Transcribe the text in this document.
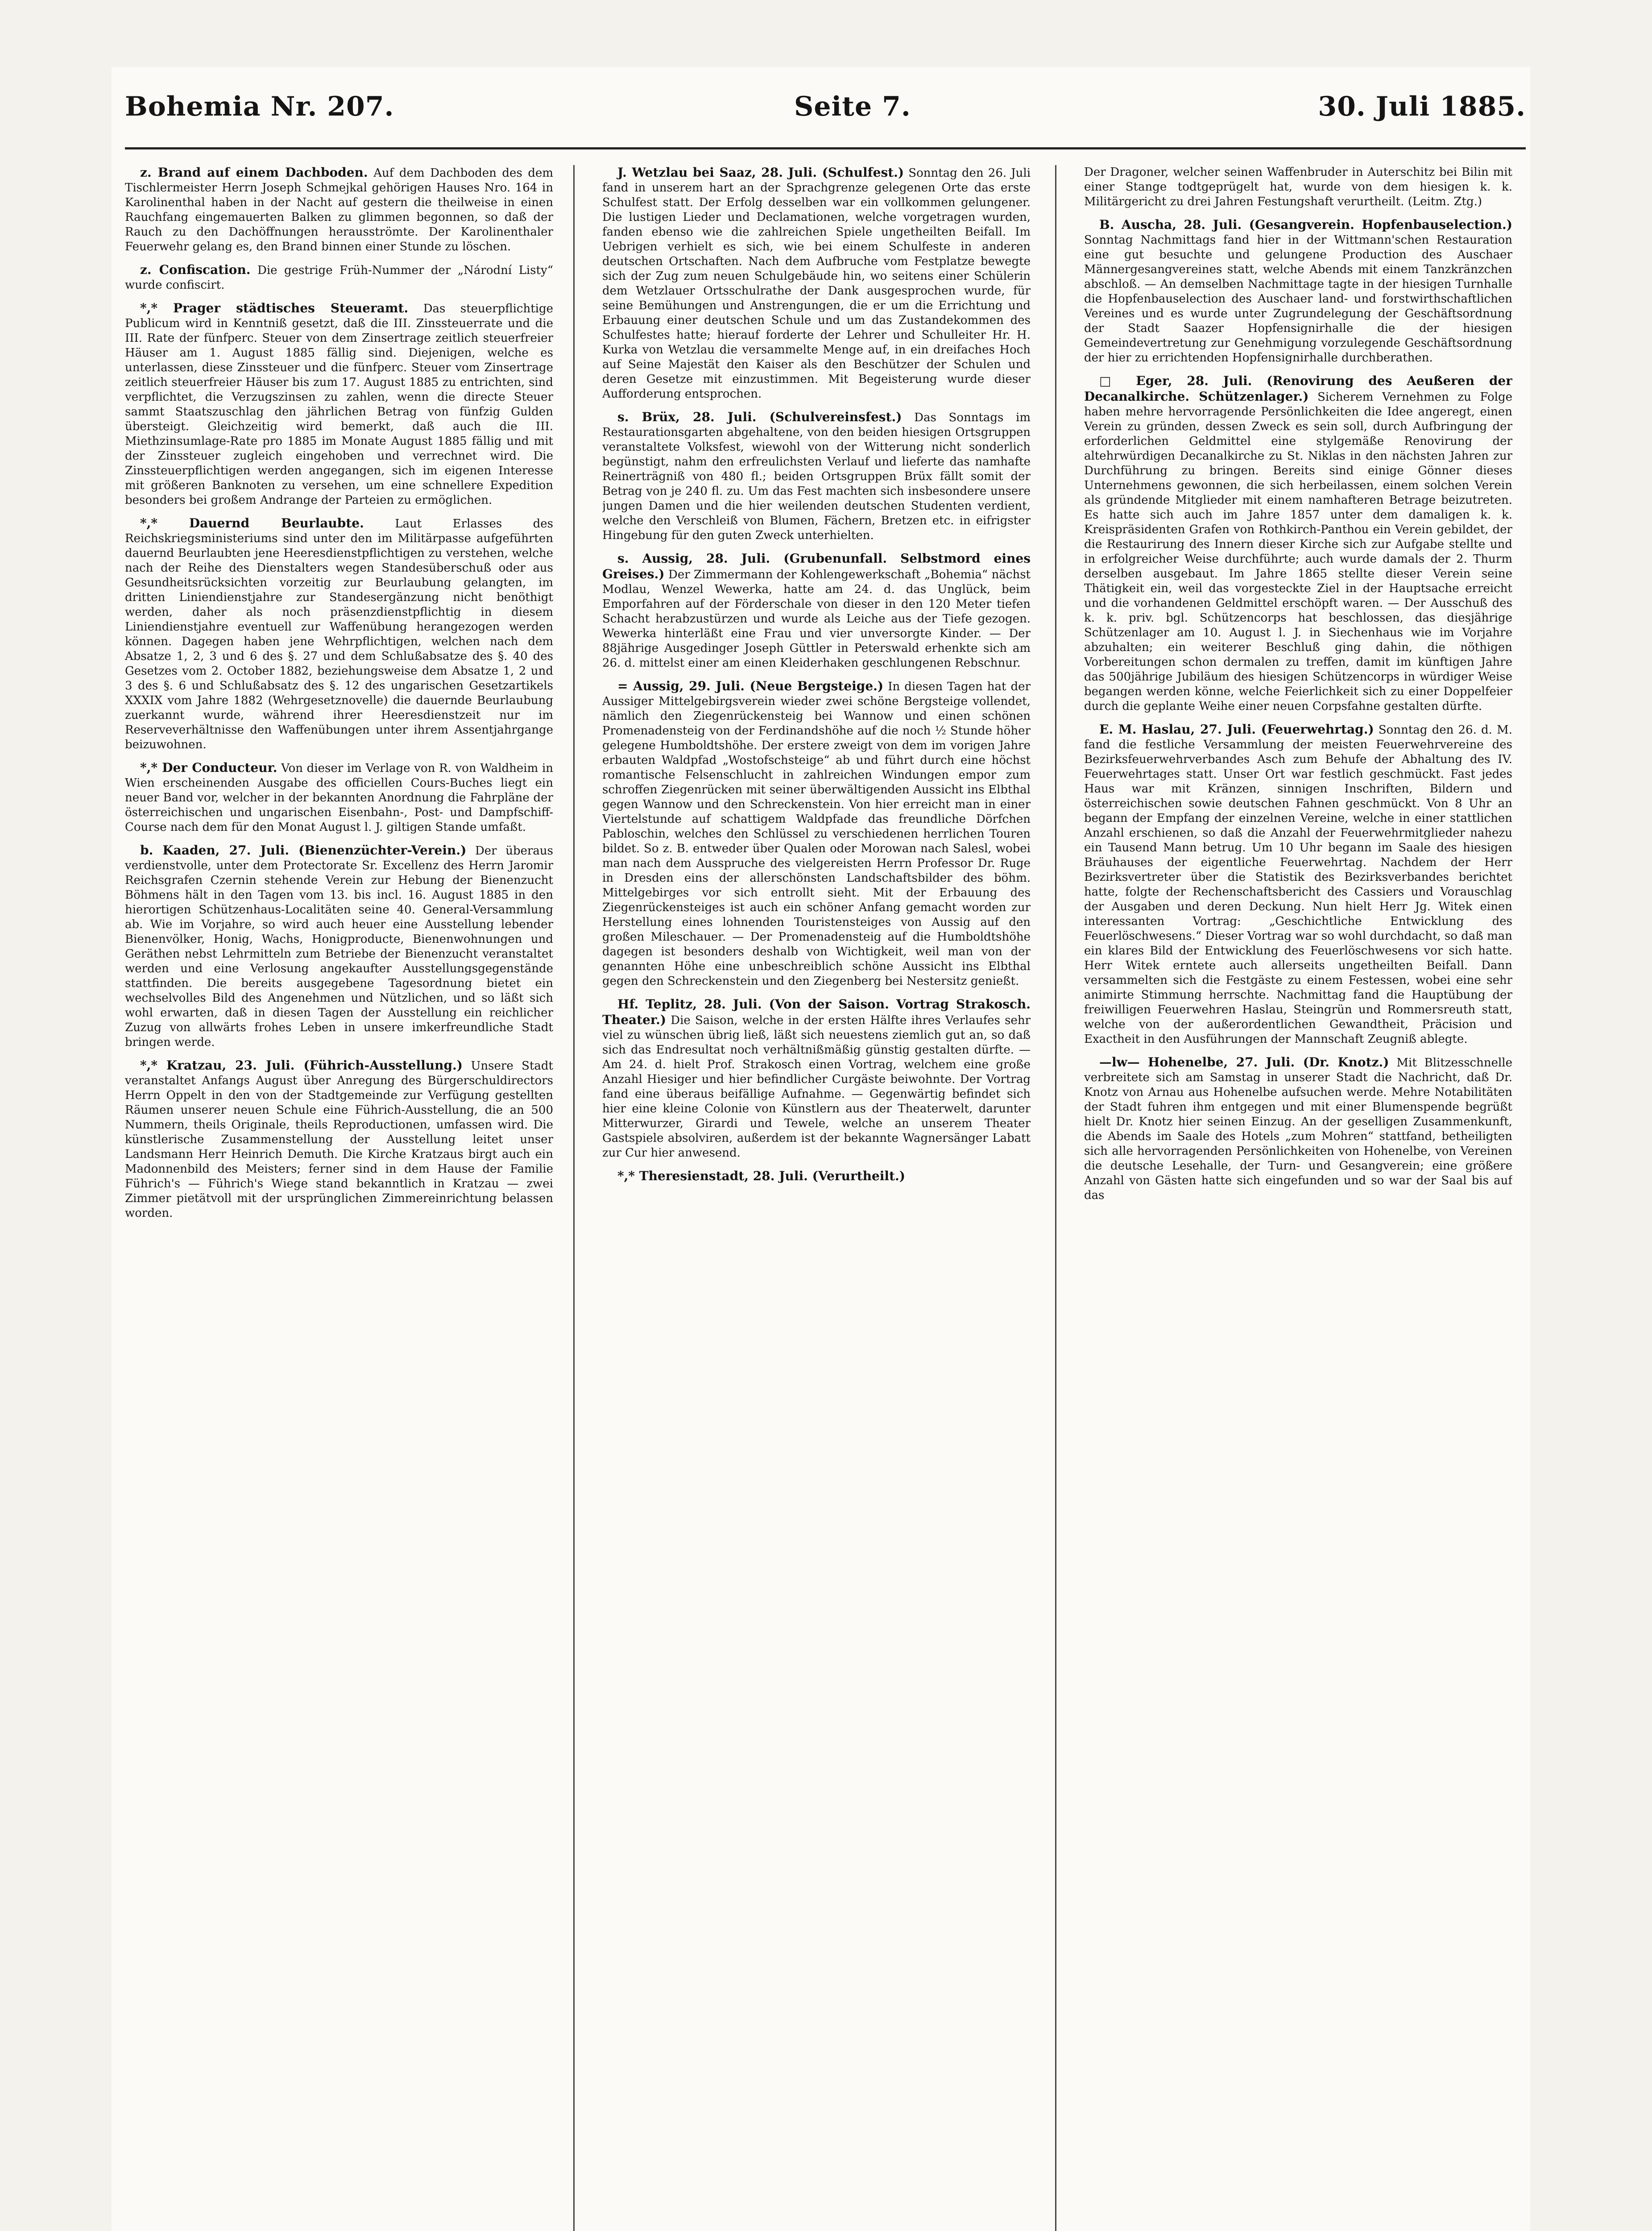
Bohemia Nr. 207.	Seite 7.	30. Juli 1885.

z. Brand auf einem Dachboden. Auf dem Dachboden des dem Tischlermeister Herrn Joseph Schmejkal gehörigen Hauses Nro. 164 in Karolinenthal haben in der Nacht auf gestern die theilweise in einen Rauchfang eingemauerten Balken zu glimmen begonnen, so daß der Rauch zu den Dachöffnungen herausströmte. Der Karolinenthaler Feuerwehr gelang es, den Brand binnen einer Stunde zu löschen.

z. Confiscation. Die gestrige Früh-Nummer der „Národní Listy“ wurde confiscirt.

*,* Prager städtisches Steueramt. Das steuerpflichtige Publicum wird in Kenntniß gesetzt, daß die III. Zinssteuerrate und die III. Rate der fünfperc. Steuer von dem Zinsertrage zeitlich steuerfreier Häuser am 1. August 1885 fällig sind. Diejenigen, welche es unterlassen, diese Zinssteuer und die fünfperc. Steuer vom Zinsertrage zeitlich steuerfreier Häuser bis zum 17. August 1885 zu entrichten, sind verpflichtet, die Verzugszinsen zu zahlen, wenn die directe Steuer sammt Staatszuschlag den jährlichen Betrag von fünfzig Gulden übersteigt. Gleichzeitig wird bemerkt, daß auch die III. Miethzinsumlage-Rate pro 1885 im Monate August 1885 fällig und mit der Zinssteuer zugleich eingehoben und verrechnet wird. Die Zinssteuerpflichtigen werden angegangen, sich im eigenen Interesse mit größeren Banknoten zu versehen, um eine schnellere Expedition besonders bei großem Andrange der Parteien zu ermöglichen.

*,* Dauernd Beurlaubte.	Laut Erlasses des Reichskriegsministeriums sind unter den im Militärpasse aufgeführten dauernd Beurlaubten jene Heeresdienstpflichtigen zu verstehen, welche nach der Reihe des Dienstalters wegen Standesüberschuß oder aus Gesundheitsrücksichten vorzeitig zur Beurlaubung gelangten, im dritten Liniendienstjahre zur Standesergänzung nicht benöthigt werden, daher als noch präsenzdienstpflichtig in diesem Liniendienstjahre eventuell zur Waffenübung herangezogen werden können. Dagegen haben jene Wehrpflichtigen, welchen nach dem Absatze 1, 2, 3 und 6 des §. 27 und dem Schlußabsatze des §. 40 des Gesetzes vom 2. October 1882, beziehungsweise dem Absatze 1, 2 und 3 des §. 6 und Schlußabsatz des §. 12 des ungarischen Gesetzartikels XXXIX vom Jahre 1882 (Wehrgesetznovelle) die dauernde Beurlaubung zuerkannt wurde, während ihrer Heeresdienstzeit nur im Reserveverhältnisse den Waffenübungen unter ihrem Assentjahrgange beizuwohnen.

*,* Der Conducteur. Von dieser im Verlage von R. von Waldheim in Wien erscheinenden Ausgabe des officiellen Cours-Buches liegt ein neuer Band vor, welcher in der bekannten Anordnung die Fahrpläne der österreichischen und ungarischen Eisenbahn-, Post- und Dampfschiff-Course nach dem für den Monat August l. J. giltigen Stande umfaßt.

b. Kaaden, 27. Juli. (Bienenzüchter-Verein.) Der überaus verdienstvolle, unter dem Protectorate Sr. Excellenz des Herrn Jaromir Reichsgrafen Czernin stehende Verein zur Hebung der Bienenzucht Böhmens hält in den Tagen vom 13. bis incl. 16. August 1885 in den hierortigen Schützenhaus-Localitäten seine 40. General-Versammlung ab. Wie im Vorjahre, so wird auch heuer eine Ausstellung lebender Bienenvölker, Honig, Wachs, Honigproducte, Bienenwohnungen und Geräthen nebst Lehrmitteln zum Betriebe der Bienenzucht veranstaltet werden und eine Verlosung angekaufter Ausstellungsgegenstände stattfinden. Die bereits ausgegebene Tagesordnung bietet ein wechselvolles Bild des Angenehmen und Nützlichen, und so läßt sich wohl erwarten, daß in diesen Tagen der Ausstellung ein reichlicher Zuzug von allwärts frohes Leben in unsere imkerfreundliche Stadt bringen werde.

*,* Kratzau, 23. Juli. (Führich-Ausstellung.) Unsere Stadt veranstaltet Anfangs August über Anregung des Bürgerschuldirectors Herrn Oppelt in den von der Stadtgemeinde zur Verfügung gestellten Räumen unserer neuen Schule eine Führich-Ausstellung, die an 500 Nummern, theils Originale, theils Reproductionen, umfassen wird. Die künstlerische Zusammenstellung der Ausstellung leitet unser Landsmann Herr Heinrich Demuth. Die Kirche Kratzaus birgt auch ein Madonnenbild des Meisters; ferner sind in dem Hause der Familie Führich's — Führich's Wiege stand bekanntlich in Kratzau — zwei Zimmer pietätvoll mit der ursprünglichen Zimmereinrichtung belassen worden.

J. Wetzlau bei Saaz, 28. Juli. (Schulfest.) Sonntag den 26. Juli fand in unserem hart an der Sprachgrenze gelegenen Orte das erste Schulfest statt. Der Erfolg desselben war ein vollkommen gelungener. Die lustigen Lieder und Declamationen, welche vorgetragen wurden, fanden ebenso wie die zahlreichen Spiele ungetheilten Beifall. Im Uebrigen verhielt es sich, wie bei einem Schulfeste in anderen deutschen Ortschaften. Nach dem Aufbruche vom Festplatze bewegte sich der Zug zum neuen Schulgebäude hin, wo seitens einer Schülerin dem Wetzlauer Ortsschulrathe der Dank ausgesprochen wurde, für seine Bemühungen und Anstrengungen, die er um die Errichtung und Erbauung einer deutschen Schule und um das Zustandekommen des Schulfestes hatte; hierauf forderte der Lehrer und Schulleiter Hr. H. Kurka von Wetzlau die versammelte Menge auf, in ein dreifaches Hoch auf Seine Majestät den Kaiser als den Beschützer der Schulen und deren Gesetze mit einzustimmen. Mit Begeisterung wurde dieser Aufforderung entsprochen.

s. Brüx, 28. Juli. (Schulvereinsfest.) Das Sonntags im Restaurationsgarten abgehaltene, von den beiden hiesigen Ortsgruppen veranstaltete Volksfest, wiewohl von der Witterung nicht sonderlich begünstigt, nahm den erfreulichsten Verlauf und lieferte das namhafte Reinerträgniß von 480 fl.; beiden Ortsgruppen Brüx fällt somit der Betrag von je 240 fl. zu. Um das Fest machten sich insbesondere unsere jungen Damen und die hier weilenden deutschen Studenten verdient, welche den Verschleiß von Blumen, Fächern, Bretzen etc. in eifrigster Hingebung für den guten Zweck unterhielten.

s. Aussig, 28. Juli. (Grubenunfall. Selbstmord eines Greises.) Der Zimmermann der Kohlengewerkschaft „Bohemia“ nächst Modlau, Wenzel Wewerka, hatte am 24. d. das Unglück, beim Emporfahren auf der Förderschale von dieser in den 120 Meter tiefen Schacht herabzustürzen und wurde als Leiche aus der Tiefe gezogen. Wewerka hinterläßt eine Frau und vier unversorgte Kinder. — Der 88jährige Ausgedinger Joseph Güttler in Peterswald erhenkte sich am 26. d. mittelst einer am einen Kleiderhaken geschlungenen Rebschnur.

= Aussig, 29. Juli. (Neue Bergsteige.) In diesen Tagen hat der Aussiger Mittelgebirgsverein wieder zwei schöne Bergsteige vollendet, nämlich den Ziegenrückensteig bei Wannow und einen schönen Promenadensteig von der Ferdinandshöhe auf die noch ½ Stunde höher gelegene Humboldtshöhe. Der erstere zweigt von dem im vorigen Jahre erbauten Waldpfad „Wostofschsteige“ ab und führt durch eine höchst romantische Felsenschlucht in zahlreichen Windungen empor zum schroffen Ziegenrücken mit seiner überwältigenden Aussicht ins Elbthal gegen Wannow und den Schreckenstein. Von hier erreicht man in einer Viertelstunde auf schattigem Waldpfade das freundliche Dörfchen Pabloschin, welches den Schlüssel zu verschiedenen herrlichen Touren bildet. So z. B. entweder über Qualen oder Morowan nach Salesl, wobei man nach dem Ausspruche des vielgereisten Herrn Professor Dr. Ruge in Dresden eins der allerschönsten Landschaftsbilder des böhm. Mittelgebirges vor sich entrollt sieht. Mit der Erbauung des Ziegenrückensteiges ist auch ein schöner Anfang gemacht worden zur Herstellung eines lohnenden Touristensteiges von Aussig auf den großen Mileschauer. — Der Promenadensteig auf die Humboldtshöhe dagegen ist besonders deshalb von Wichtigkeit, weil man von der genannten Höhe eine unbeschreiblich schöne Aussicht ins Elbthal gegen den Schreckenstein und den Ziegenberg bei Nestersitz genießt.

Hf. Teplitz, 28. Juli. (Von der Saison. Vortrag Strakosch. Theater.) Die Saison, welche in der ersten Hälfte ihres Verlaufes sehr viel zu wünschen übrig ließ, läßt sich neuestens ziemlich gut an, so daß sich das Endresultat noch verhältnißmäßig günstig gestalten dürfte. — Am 24. d. hielt Prof. Strakosch einen Vortrag, welchem eine große Anzahl Hiesiger und hier befindlicher Curgäste beiwohnte. Der Vortrag fand eine überaus beifällige Aufnahme. — Gegenwärtig befindet sich hier eine kleine Colonie von Künstlern aus der Theaterwelt, darunter Mitterwurzer, Girardi und Tewele, welche an unserem Theater Gastspiele absolviren, außerdem ist der bekannte Wagnersänger Labatt zur Cur hier anwesend.

*,* Theresienstadt, 28. Juli. (Verurtheilt.)

Der Dragoner, welcher seinen Waffenbruder in Auterschitz bei Bilin mit einer Stange todtgeprügelt hat, wurde von dem hiesigen k. k. Militärgericht zu drei Jahren Festungshaft verurtheilt. (Leitm. Ztg.)

B. Auscha, 28. Juli. (Gesangverein. Hopfenbauselection.) Sonntag Nachmittags fand hier in der Wittmann'schen Restauration eine gut besuchte und gelungene Production des Auschaer Männergesangvereines statt, welche Abends mit einem Tanzkränzchen abschloß. — An demselben Nachmittage tagte in der hiesigen Turnhalle die Hopfenbauselection des Auschaer land- und forstwirthschaftlichen Vereines und es wurde unter Zugrundelegung der Geschäftsordnung der Stadt Saazer Hopfensignirhalle die der hiesigen Gemeindevertretung zur Genehmigung vorzulegende Geschäftsordnung der hier zu errichtenden Hopfensignirhalle durchberathen.

□ Eger, 28. Juli. (Renovirung des Aeußeren der Decanalkirche. Schützenlager.) Sicherem Vernehmen zu Folge haben mehre hervorragende Persönlichkeiten die Idee angeregt, einen Verein zu gründen, dessen Zweck es sein soll, durch Aufbringung der erforderlichen Geldmittel eine stylgemäße Renovirung der altehrwürdigen Decanalkirche zu St. Niklas in den nächsten Jahren zur Durchführung zu bringen. Bereits sind einige Gönner dieses Unternehmens gewonnen, die sich herbeilassen, einem solchen Verein als gründende Mitglieder mit einem namhafteren Betrage beizutreten. Es hatte sich auch im Jahre 1857 unter dem damaligen k. k. Kreispräsidenten Grafen von Rothkirch-Panthou ein Verein gebildet, der die Restaurirung des Innern dieser Kirche sich zur Aufgabe stellte und in erfolgreicher Weise durchführte; auch wurde damals der 2. Thurm derselben ausgebaut. Im Jahre 1865 stellte dieser Verein seine Thätigkeit ein, weil das vorgesteckte Ziel in der Hauptsache erreicht und die vorhandenen Geldmittel erschöpft waren. — Der Ausschuß des k. k. priv. bgl. Schützencorps hat beschlossen, das diesjährige Schützenlager am 10. August l. J. in Siechenhaus wie im Vorjahre abzuhalten; ein weiterer Beschluß ging dahin, die nöthigen Vorbereitungen schon dermalen zu treffen, damit im künftigen Jahre das 500jährige Jubiläum des hiesigen Schützencorps in würdiger Weise begangen werden könne, welche Feierlichkeit sich zu einer Doppelfeier durch die geplante Weihe einer neuen Corpsfahne gestalten dürfte.

E. M. Haslau, 27. Juli. (Feuerwehrtag.) Sonntag den 26. d. M. fand die festliche Versammlung der meisten Feuerwehrvereine des Bezirksfeuerwehrverbandes Asch zum Behufe der Abhaltung des IV. Feuerwehrtages statt. Unser Ort war festlich geschmückt. Fast jedes Haus war mit Kränzen, sinnigen Inschriften, Bildern und österreichischen sowie deutschen Fahnen geschmückt. Von 8 Uhr an begann der Empfang der einzelnen Vereine, welche in einer stattlichen Anzahl erschienen, so daß die Anzahl der Feuerwehrmitglieder nahezu ein Tausend Mann betrug. Um 10 Uhr begann im Saale des hiesigen Bräuhauses der eigentliche Feuerwehrtag. Nachdem der Herr Bezirksvertreter über die Statistik des Bezirksverbandes berichtet hatte, folgte der Rechenschaftsbericht des Cassiers und Vorauschlag der Ausgaben und deren Deckung. Nun hielt Herr Jg. Witek einen interessanten Vortrag: „Geschichtliche Entwicklung des Feuerlöschwesens.“ Dieser Vortrag war so wohl durchdacht, so daß man ein klares Bild der Entwicklung des Feuerlöschwesens vor sich hatte. Herr Witek erntete auch allerseits ungetheilten Beifall. Dann versammelten sich die Festgäste zu einem Festessen, wobei eine sehr animirte Stimmung herrschte. Nachmittag fand die Hauptübung der freiwilligen Feuerwehren Haslau, Steingrün und Rommersreuth statt, welche von der außerordentlichen Gewandtheit, Präcision und Exactheit in den Ausführungen der Mannschaft Zeugniß ablegte.

—lw— Hohenelbe, 27. Juli. (Dr. Knotz.) Mit Blitzesschnelle verbreitete sich am Samstag in unserer Stadt die Nachricht, daß Dr. Knotz von Arnau aus Hohenelbe aufsuchen werde. Mehre Notabilitäten der Stadt fuhren ihm entgegen und mit einer Blumenspende begrüßt hielt Dr. Knotz hier seinen Einzug. An der geselligen Zusammenkunft, die Abends im Saale des Hotels „zum Mohren“ stattfand, betheiligten sich alle hervorragenden Persönlichkeiten von Hohenelbe, von Vereinen die deutsche Lesehalle, der Turn- und Gesangverein; eine größere Anzahl von Gästen hatte sich eingefunden und so war der Saal bis auf das
